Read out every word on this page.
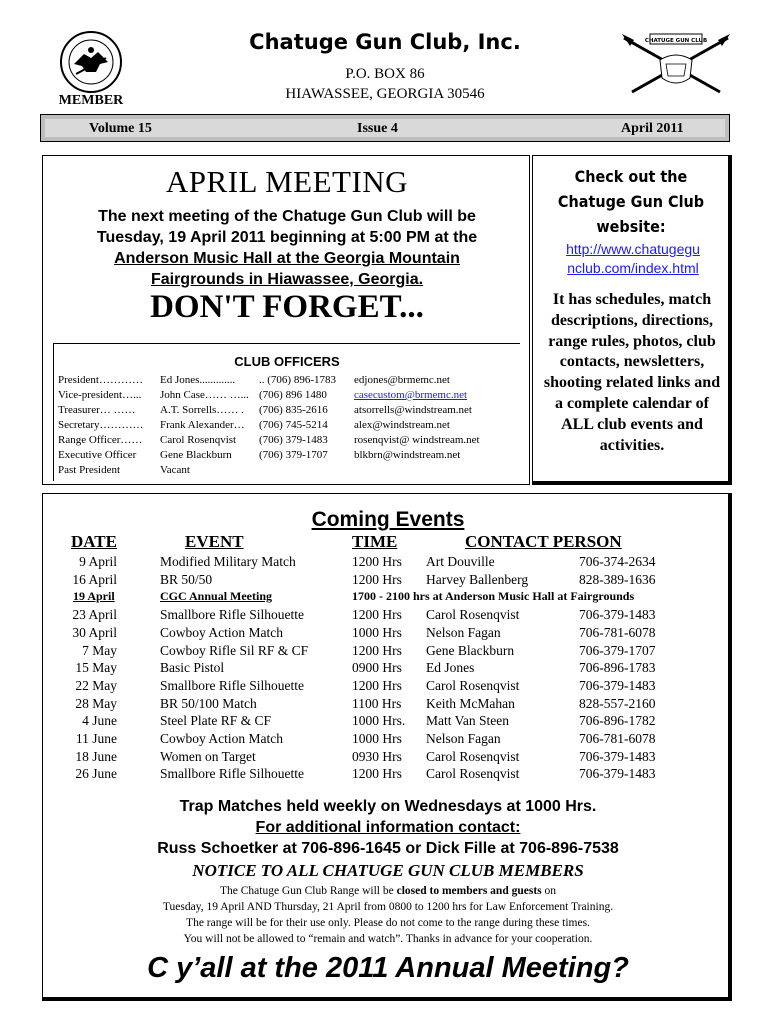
MEMBER
Chatuge Gun Club, Inc.
P.O. BOX 86
HIAWASSEE, GEORGIA 30546
CHATUGE GUN CLUB
Volume 15	Issue 4	April 2011
APRIL MEETING
The next meeting of the Chatuge Gun Club will be
Tuesday, 19 April 2011 beginning at 5:00 PM at the
Anderson Music Hall at the Georgia Mountain
Fairgrounds in Hiawassee, Georgia.
DON'T FORGET...
CLUB OFFICERS
President………… Ed Jones............. .. (706) 896-1783 edjones@brmemc.net
Vice-president…... John Case…… …... (706) 896 1480 casecustom@brmemc.net
Treasurer… …… A.T. Sorrells…… . (706) 835-2616 atsorrells@windstream.net
Secretary………… Frank Alexander… (706) 745-5214 alex@windstream.net
Range Officer…… Carol Rosenqvist (706) 379-1483 rosenqvist@ windstream.net
Executive Officer Gene Blackburn (706) 379-1707 blkbrn@windstream.net
Past President	Vacant
Check out the
Chatuge Gun Club
website:
http://www.chatugegu
nclub.com/index.html
It has schedules, match descriptions, directions, range rules, photos, club contacts, newsletters, shooting related links and a complete calendar of ALL club events and activities.
Coming Events
DATE	EVENT	TIME	CONTACT PERSON
9 April	Modified Military Match	1200 Hrs Art Douville	706-374-2634
16 April	BR 50/50	1200 Hrs Harvey Ballenberg	828-389-1636
19 April	CGC Annual Meeting	1700 - 2100 hrs at Anderson Music Hall at Fairgrounds
23 April	Smallbore Rifle Silhouette	1200 Hrs Carol Rosenqvist	706-379-1483
30 April	Cowboy Action Match	1000 Hrs Nelson Fagan	706-781-6078
7 May	Cowboy Rifle Sil RF & CF	1200 Hrs Gene Blackburn	706-379-1707
15 May	Basic Pistol	0900 Hrs Ed Jones	706-896-1783
22 May	Smallbore Rifle Silhouette	1200 Hrs Carol Rosenqvist	706-379-1483
28 May	BR 50/100 Match	1100 Hrs Keith McMahan	828-557-2160
4 June	Steel Plate RF & CF	1000 Hrs. Matt Van Steen	706-896-1782
11 June	Cowboy Action Match	1000 Hrs Nelson Fagan	706-781-6078
18 June	Women on Target	0930 Hrs Carol Rosenqvist	706-379-1483
26 June	Smallbore Rifle Silhouette	1200 Hrs Carol Rosenqvist	706-379-1483
Trap Matches held weekly on Wednesdays at 1000 Hrs.
For additional information contact:
Russ Schoetker at 706-896-1645 or Dick Fille at 706-896-7538
NOTICE TO ALL CHATUGE GUN CLUB MEMBERS
The Chatuge Gun Club Range will be closed to members and guests on
Tuesday, 19 April AND Thursday, 21 April from 0800 to 1200 hrs for Law Enforcement Training.
The range will be for their use only. Please do not come to the range during these times.
You will not be allowed to “remain and watch”. Thanks in advance for your cooperation.
C y’all at the 2011 Annual Meeting?
